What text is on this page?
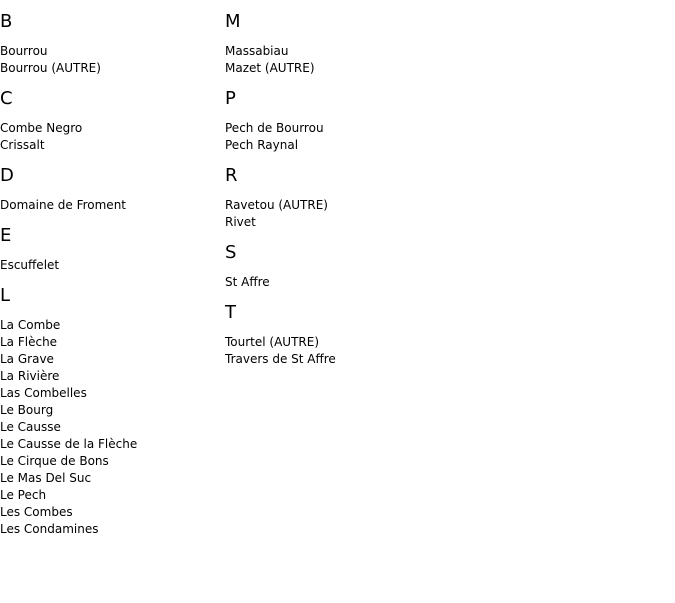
B
Bourrou
Bourrou (AUTRE)
C
Combe Negro
Crissalt
D
Domaine de Froment
E
Escuffelet
L
La Combe
La Flèche
La Grave
La Rivière
Las Combelles
Le Bourg
Le Causse
Le Causse de la Flèche
Le Cirque de Bons
Le Mas Del Suc
Le Pech
Les Combes
Les Condamines
M
Massabiau
Mazet (AUTRE)
P
Pech de Bourrou
Pech Raynal
R
Ravetou (AUTRE)
Rivet
S
St Affre
T
Tourtel (AUTRE)
Travers de St Affre
